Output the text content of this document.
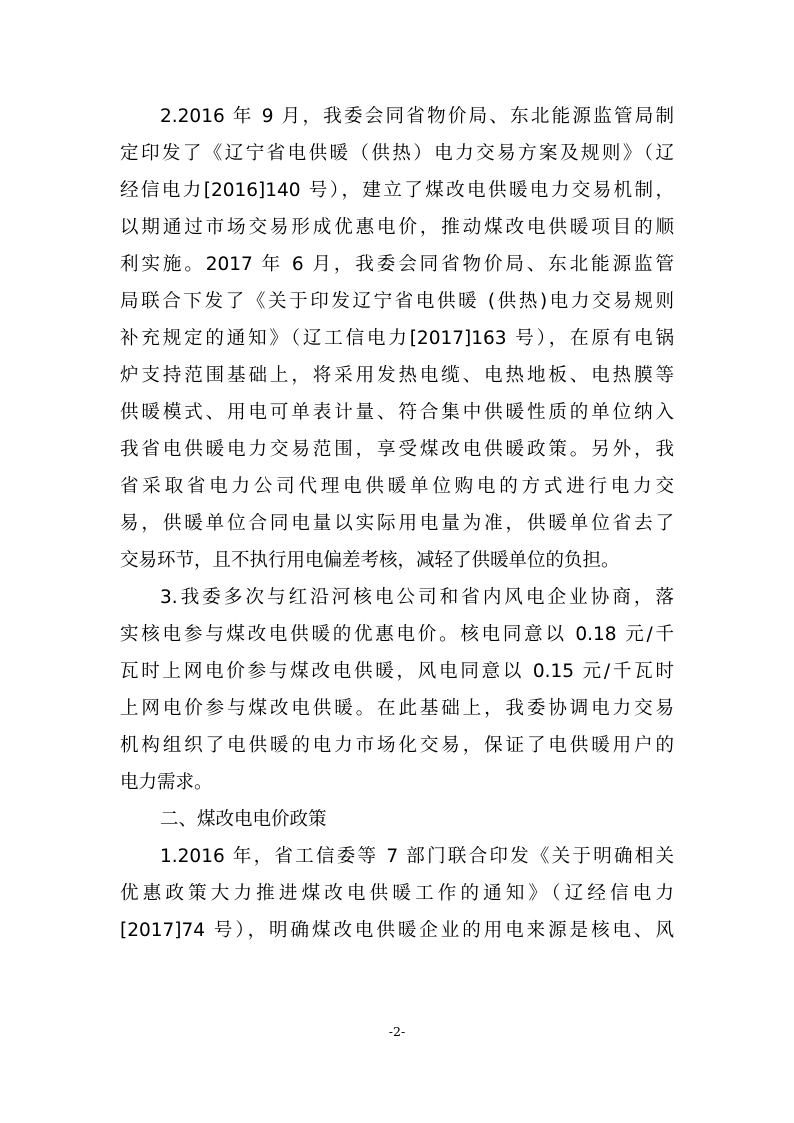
2.2016 年 9 月，我委会同省物价局、东北能源监管局制
定印发了《辽宁省电供暖（供热）电力交易方案及规则》（辽
经信电力[2016]140 号），建立了煤改电供暖电力交易机制，
以期通过市场交易形成优惠电价，推动煤改电供暖项目的顺
利实施。2017 年 6 月，我委会同省物价局、东北能源监管
局联合下发了《关于印发辽宁省电供暖 (供热)电力交易规则
补充规定的通知》（辽工信电力[2017]163 号），在原有电锅
炉支持范围基础上，将采用发热电缆、电热地板、电热膜等
供暖模式、用电可单表计量、符合集中供暖性质的单位纳入
我省电供暖电力交易范围，享受煤改电供暖政策。另外，我
省采取省电力公司代理电供暖单位购电的方式进行电力交
易，供暖单位合同电量以实际用电量为准，供暖单位省去了
交易环节，且不执行用电偏差考核，减轻了供暖单位的负担。
3.我委多次与红沿河核电公司和省内风电企业协商，落
实核电参与煤改电供暖的优惠电价。核电同意以 0.18 元/千
瓦时上网电价参与煤改电供暖，风电同意以 0.15 元/千瓦时
上网电价参与煤改电供暖。在此基础上，我委协调电力交易
机构组织了电供暖的电力市场化交易，保证了电供暖用户的
电力需求。
二、煤改电电价政策
1.2016 年，省工信委等 7 部门联合印发《关于明确相关
优惠政策大力推进煤改电供暖工作的通知》（辽经信电力
[2017]74 号），明确煤改电供暖企业的用电来源是核电、风
-2-
